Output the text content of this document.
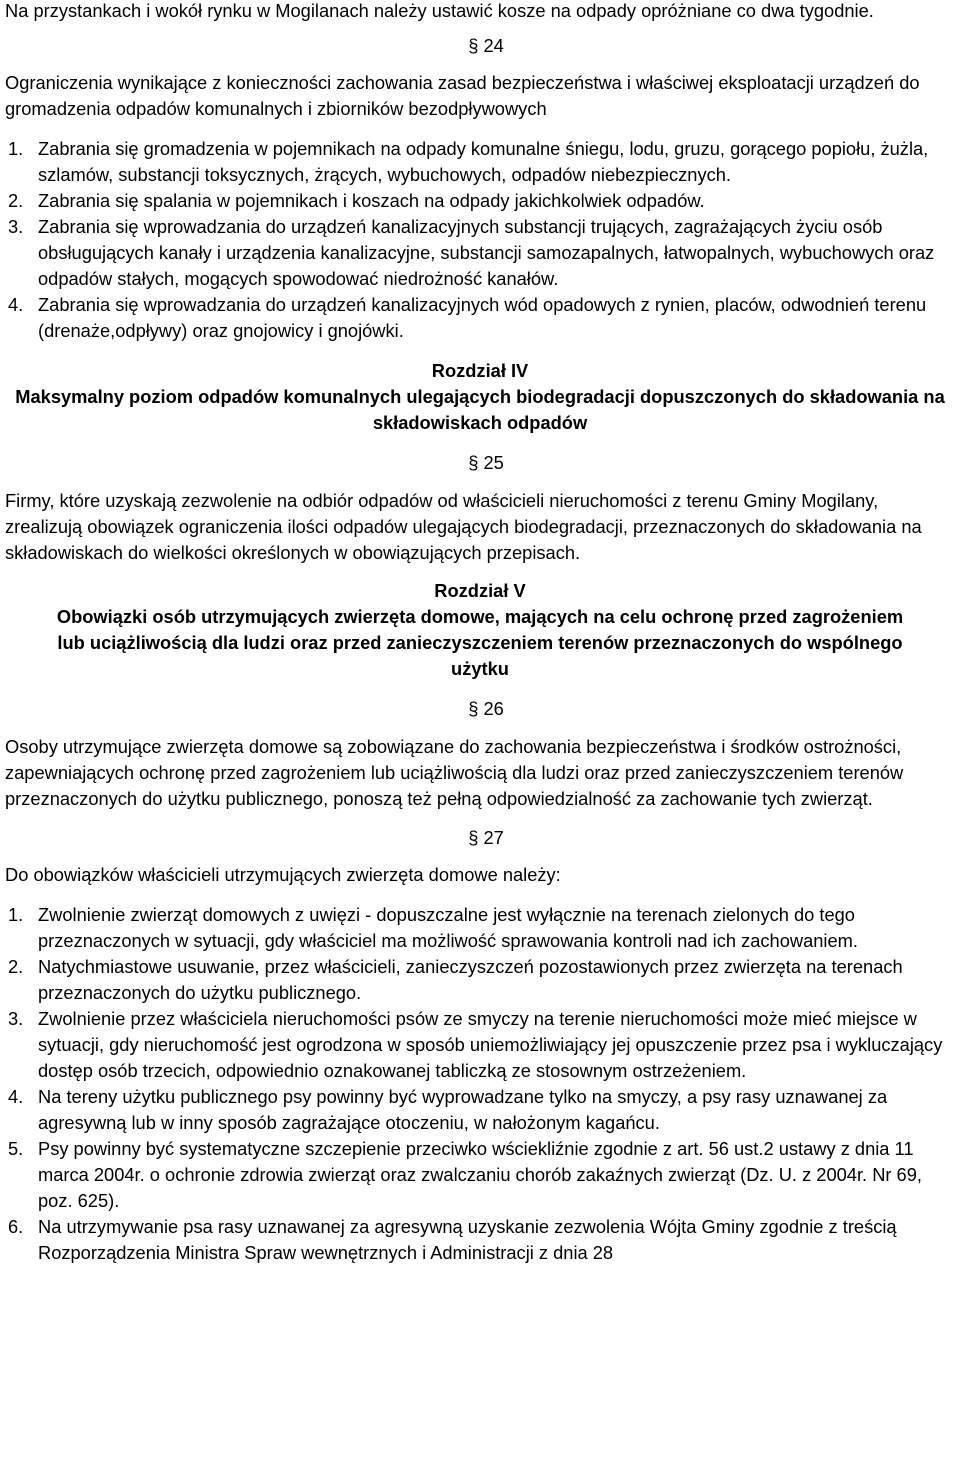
Na przystankach i wokół rynku w Mogilanach należy ustawić kosze na odpady opróżniane co dwa tygodnie.

§ 24

Ograniczenia wynikające z konieczności zachowania zasad bezpieczeństwa i właściwej eksploatacji urządzeń do gromadzenia odpadów komunalnych i zbiorników bezodpływowych

1. Zabrania się gromadzenia w pojemnikach na odpady komunalne śniegu, lodu, gruzu, gorącego popiołu, żużla, szlamów, substancji toksycznych, żrących, wybuchowych, odpadów niebezpiecznych.
2. Zabrania się spalania w pojemnikach i koszach na odpady jakichkolwiek odpadów.
3. Zabrania się wprowadzania do urządzeń kanalizacyjnych substancji trujących, zagrażających życiu osób obsługujących kanały i urządzenia kanalizacyjne, substancji samozapalnych, łatwopalnych, wybuchowych oraz odpadów stałych, mogących spowodować niedrożność kanałów.
4. Zabrania się wprowadzania do urządzeń kanalizacyjnych wód opadowych z rynien, placów, odwodnień terenu (drenaże,odpływy) oraz gnojowicy i gnojówki.
Rozdział IV
Maksymalny poziom odpadów komunalnych ulegających biodegradacji dopuszczonych do składowania na składowiskach odpadów
§ 25

Firmy, które uzyskają zezwolenie na odbiór odpadów od właścicieli nieruchomości z terenu Gminy Mogilany, zrealizują obowiązek ograniczenia ilości odpadów ulegających biodegradacji, przeznaczonych do składowania na składowiskach do wielkości określonych w obowiązujących przepisach.

Rozdział V
Obowiązki osób utrzymujących zwierzęta domowe, mających na celu ochronę przed zagrożeniem lub uciążliwością dla ludzi oraz przed zanieczyszczeniem terenów przeznaczonych do wspólnego użytku
§ 26

Osoby utrzymujące zwierzęta domowe są zobowiązane do zachowania bezpieczeństwa i środków ostrożności, zapewniających ochronę przed zagrożeniem lub uciążliwością dla ludzi oraz przed zanieczyszczeniem terenów przeznaczonych do użytku publicznego, ponoszą też pełną odpowiedzialność za zachowanie tych zwierząt.

§ 27

Do obowiązków właścicieli utrzymujących zwierzęta domowe należy:

1. Zwolnienie zwierząt domowych z uwięzi - dopuszczalne jest wyłącznie na terenach zielonych do tego przeznaczonych w sytuacji, gdy właściciel ma możliwość sprawowania kontroli nad ich zachowaniem.
2. Natychmiastowe usuwanie, przez właścicieli, zanieczyszczeń pozostawionych przez zwierzęta na terenach przeznaczonych do użytku publicznego.
3. Zwolnienie przez właściciela nieruchomości psów ze smyczy na terenie nieruchomości może mieć miejsce w sytuacji, gdy nieruchomość jest ogrodzona w sposób uniemożliwiający jej opuszczenie przez psa i wykluczający dostęp osób trzecich, odpowiednio oznakowanej tabliczką ze stosownym ostrzeżeniem.
4. Na tereny użytku publicznego psy powinny być wyprowadzane tylko na smyczy, a psy rasy uznawanej za agresywną lub w inny sposób zagrażające otoczeniu, w nałożonym kagańcu.
5. Psy powinny być systematyczne szczepienie przeciwko wściekliźnie zgodnie z art. 56 ust.2 ustawy z dnia 11 marca 2004r. o ochronie zdrowia zwierząt oraz zwalczaniu chorób zakaźnych zwierząt (Dz. U. z 2004r. Nr 69, poz. 625).
6. Na utrzymywanie psa rasy uznawanej za agresywną uzyskanie zezwolenia Wójta Gminy zgodnie z treścią Rozporządzenia Ministra Spraw wewnętrznych i Administracji z dnia 28
